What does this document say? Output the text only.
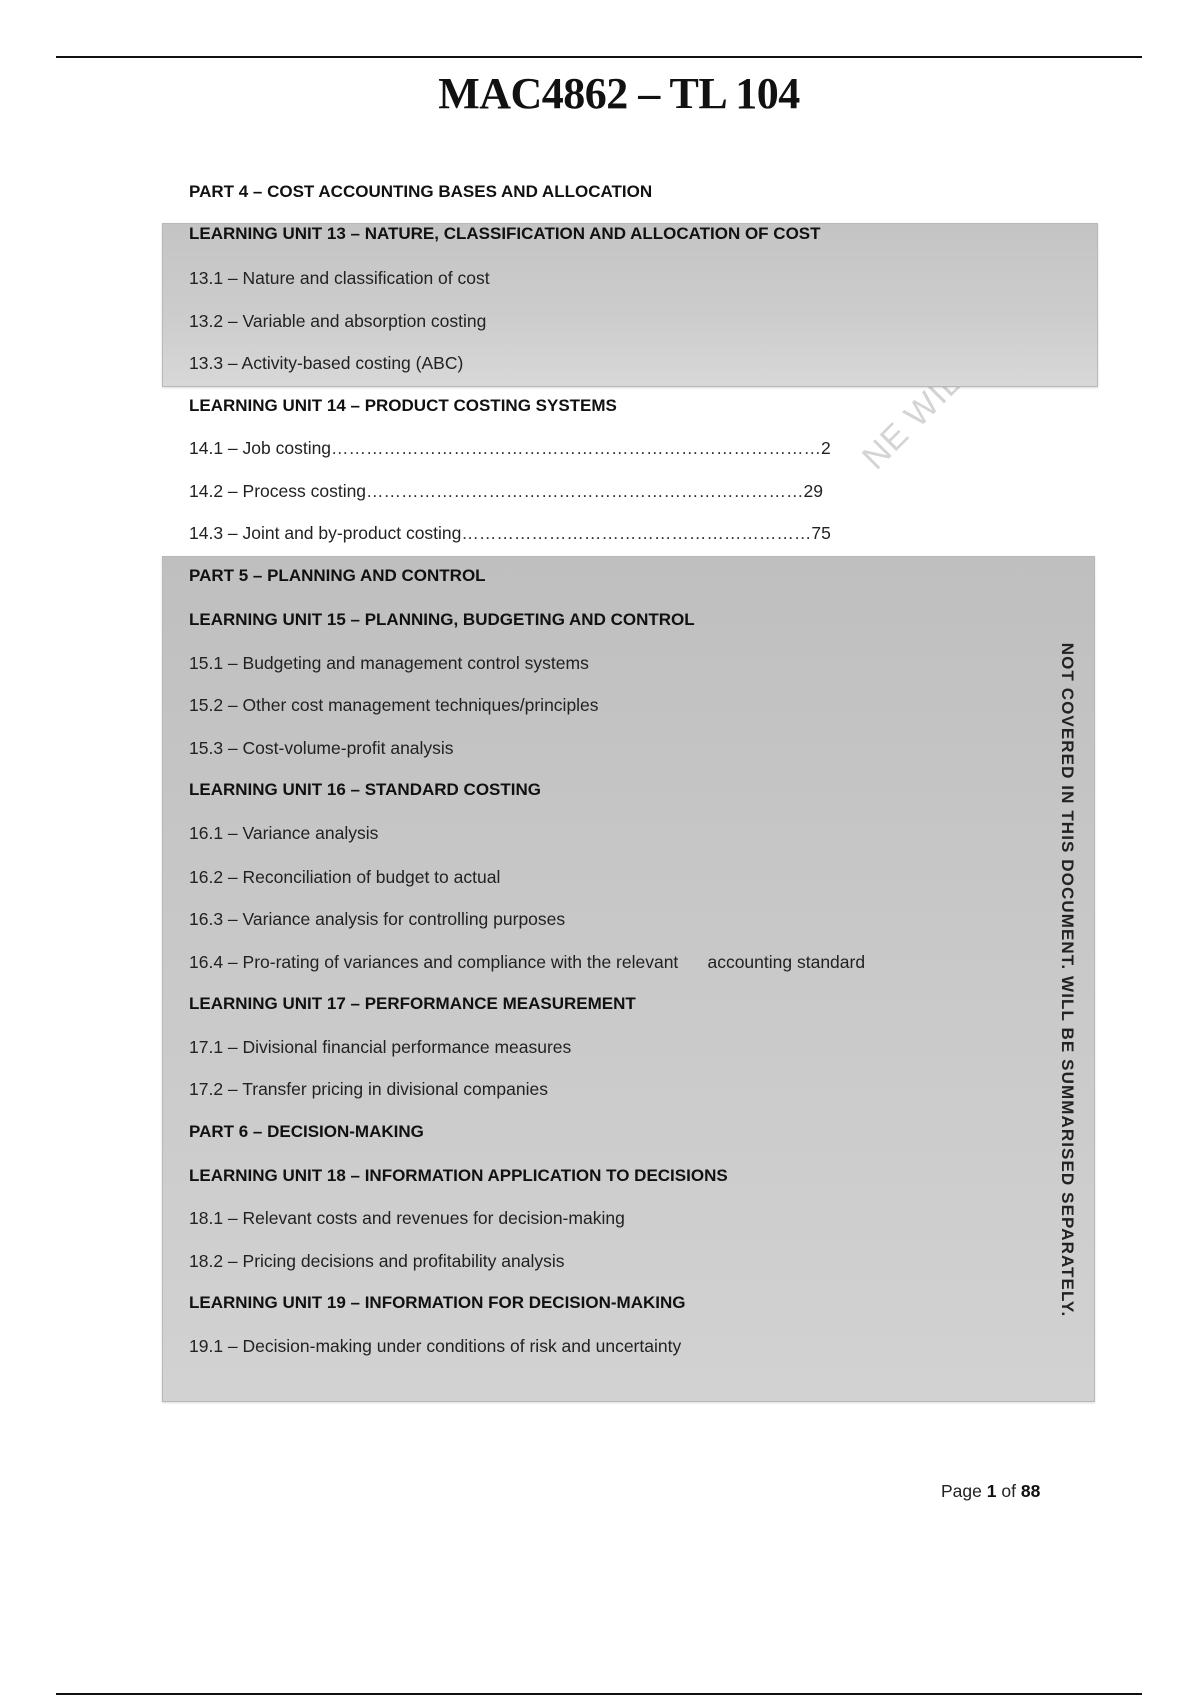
MAC4862 – TL 104
PART 4 – COST ACCOUNTING BASES AND ALLOCATION
LEARNING UNIT 13 – NATURE, CLASSIFICATION AND ALLOCATION OF COST
13.1 – Nature and classification of cost
13.2 – Variable and absorption costing
13.3 – Activity-based costing (ABC)
LEARNING UNIT 14 – PRODUCT COSTING SYSTEMS
14.1 – Job costing…………………………………………………………………………2
14.2 – Process costing…………………………………………………………………29
14.3 – Joint and by-product costing……………………………………………………75
PART 5 – PLANNING AND CONTROL
LEARNING UNIT 15 – PLANNING, BUDGETING AND CONTROL
15.1 – Budgeting and management control systems
15.2 – Other cost management techniques/principles
15.3 – Cost-volume-profit analysis
LEARNING UNIT 16 – STANDARD COSTING
16.1 – Variance analysis
16.2 – Reconciliation of budget to actual
16.3 – Variance analysis for controlling purposes
16.4 – Pro-rating of variances and compliance with the relevant      accounting standard
LEARNING UNIT 17 – PERFORMANCE MEASUREMENT
17.1 – Divisional financial performance measures
17.2 – Transfer pricing in divisional companies
PART 6 – DECISION-MAKING
LEARNING UNIT 18 – INFORMATION APPLICATION TO DECISIONS
18.1 – Relevant costs and revenues for decision-making
18.2 – Pricing decisions and profitability analysis
LEARNING UNIT 19 – INFORMATION FOR DECISION-MAKING
19.1 – Decision-making under conditions of risk and uncertainty
NOT COVERED IN THIS DOCUMENT. WILL BE SUMMARISED SEPARATELY.
Page 1 of 88
